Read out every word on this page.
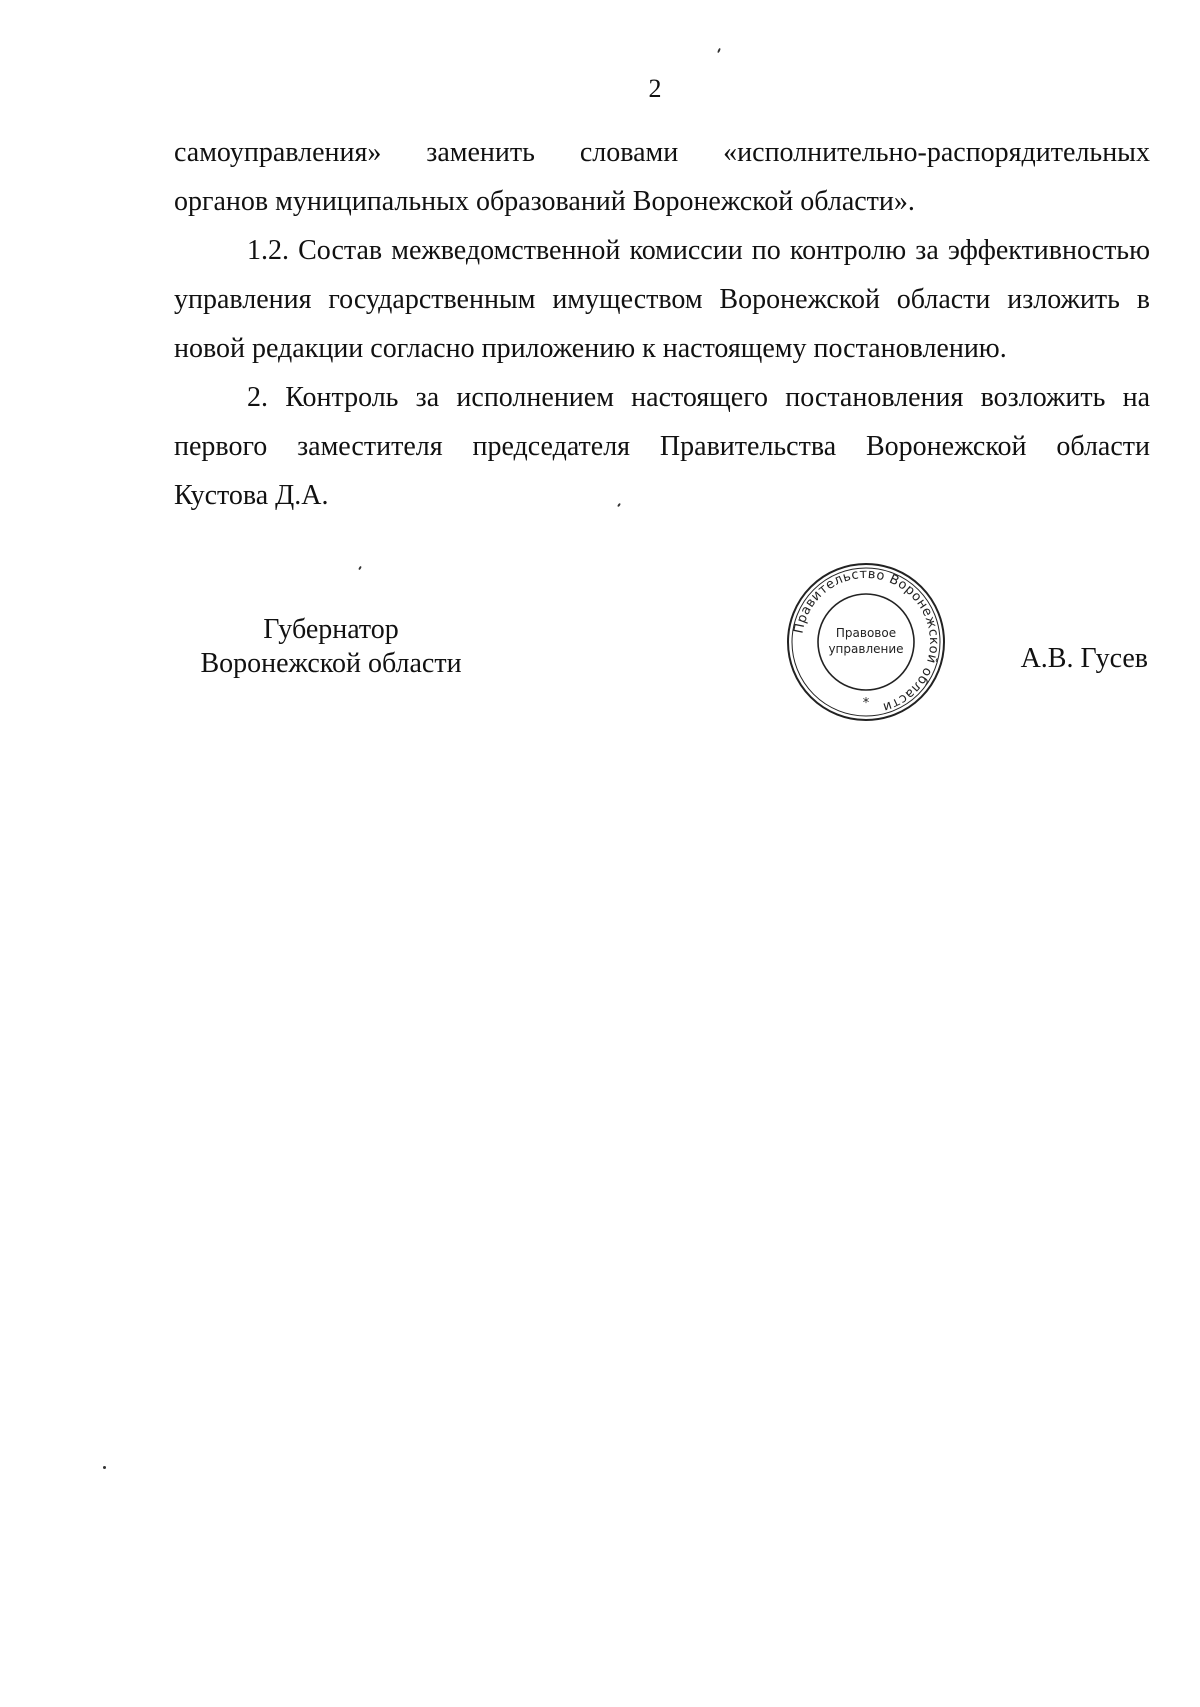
2

самоуправления» заменить словами «исполнительно-распорядительных
органов муниципальных образований Воронежской области».

1.2. Состав межведомственной комиссии по контролю за эффективностью
управления государственным имуществом Воронежской области изложить в
новой редакции согласно приложению к настоящему постановлению.

2. Контроль за исполнением настоящего постановления возложить на
первого заместителя председателя Правительства Воронежской области
Кустова Д.А.

Губернатор
Воронежской области
Правительство Воронежской области
Правовое
управление
*
А.В. Гусев
